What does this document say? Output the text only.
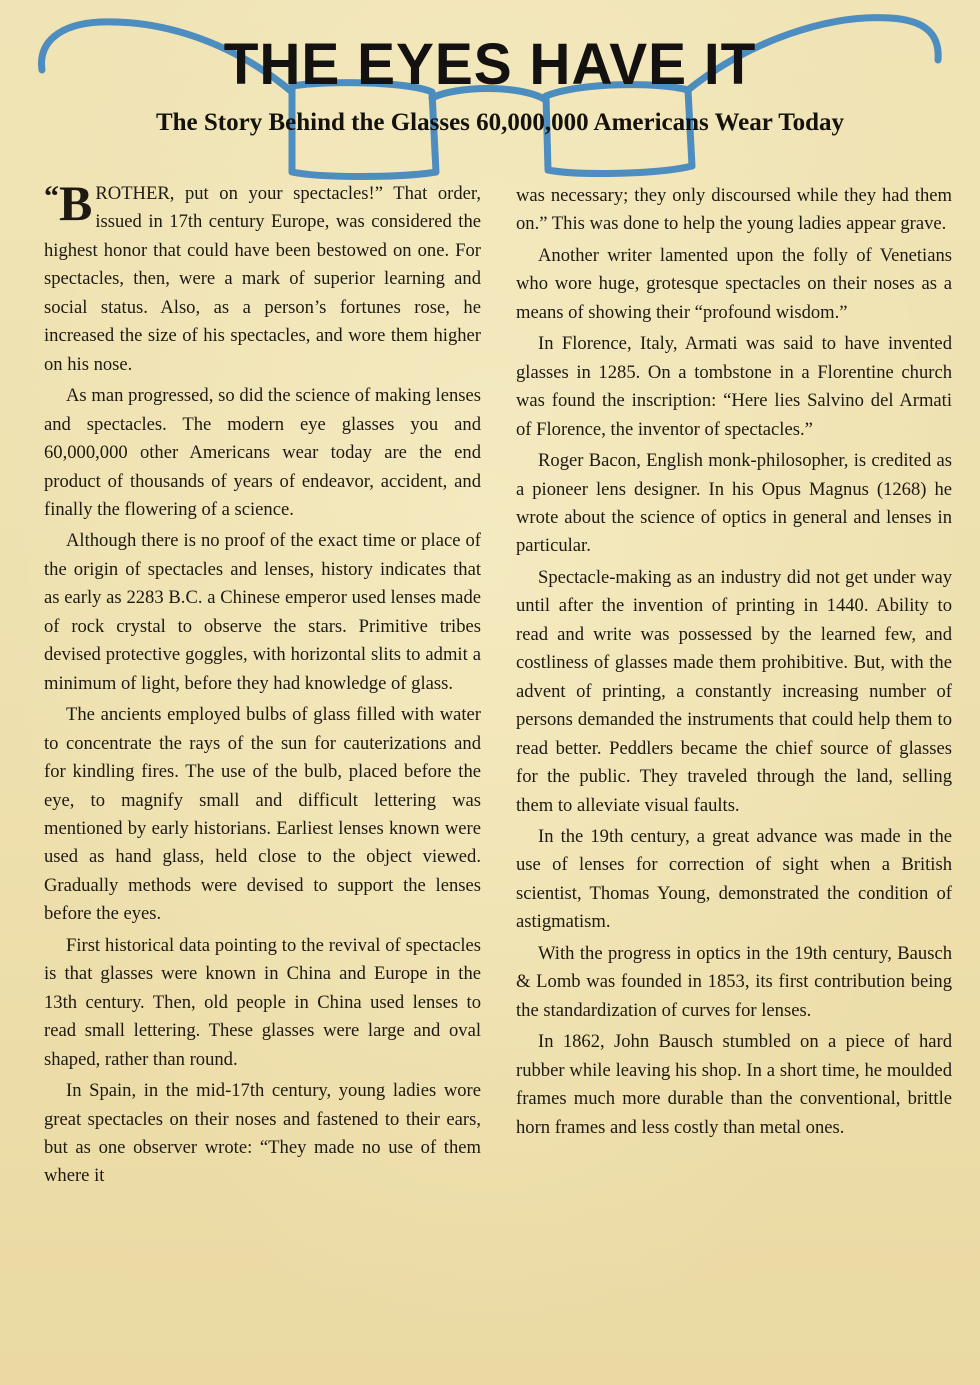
THE EYES HAVE IT

The Story Behind the Glasses 60,000,000 Americans Wear Today

“ B ROTHER, put on your spectacles!” That order, issued in 17th century Europe, was considered the highest honor that could have been bestowed on one. For spectacles, then, were a mark of superior learning and social status. Also, as a person’s fortunes rose, he increased the size of his spectacles, and wore them higher on his nose.

As man progressed, so did the science of making lenses and spectacles. The modern eye glasses you and 60,000,000 other Americans wear today are the end product of thousands of years of endeavor, accident, and finally the flowering of a science.

Although there is no proof of the exact time or place of the origin of spectacles and lenses, history indicates that as early as 2283 B.C. a Chinese emperor used lenses made of rock crystal to observe the stars. Primitive tribes devised protective goggles, with horizontal slits to admit a minimum of light, before they had knowledge of glass.

The ancients employed bulbs of glass filled with water to concentrate the rays of the sun for cauterizations and for kindling fires. The use of the bulb, placed before the eye, to magnify small and difficult lettering was mentioned by early historians. Earliest lenses known were used as hand glass, held close to the object viewed. Gradually methods were devised to support the lenses before the eyes.

First historical data pointing to the revival of spectacles is that glasses were known in China and Europe in the 13th century. Then, old people in China used lenses to read small lettering. These glasses were large and oval shaped, rather than round.

In Spain, in the mid-17th century, young ladies wore great spectacles on their noses and fastened to their ears, but as one observer wrote: “They made no use of them where it

was necessary; they only discoursed while they had them on.” This was done to help the young ladies appear grave.

Another writer lamented upon the folly of Venetians who wore huge, grotesque spectacles on their noses as a means of showing their “profound wisdom.”

In Florence, Italy, Armati was said to have invented glasses in 1285. On a tombstone in a Florentine church was found the inscription: “Here lies Salvino del Armati of Florence, the inventor of spectacles.”

Roger Bacon, English monk-philosopher, is credited as a pioneer lens designer. In his Opus Magnus (1268) he wrote about the science of optics in general and lenses in particular.

Spectacle-making as an industry did not get under way until after the invention of printing in 1440. Ability to read and write was possessed by the learned few, and costliness of glasses made them prohibitive. But, with the advent of printing, a constantly increasing number of persons demanded the instruments that could help them to read better. Peddlers became the chief source of glasses for the public. They traveled through the land, selling them to alleviate visual faults.

In the 19th century, a great advance was made in the use of lenses for correction of sight when a British scientist, Thomas Young, demonstrated the condition of astigmatism.

With the progress in optics in the 19th century, Bausch & Lomb was founded in 1853, its first contribution being the standardization of curves for lenses.

In 1862, John Bausch stumbled on a piece of hard rubber while leaving his shop. In a short time, he moulded frames much more durable than the conventional, brittle horn frames and less costly than metal ones.
